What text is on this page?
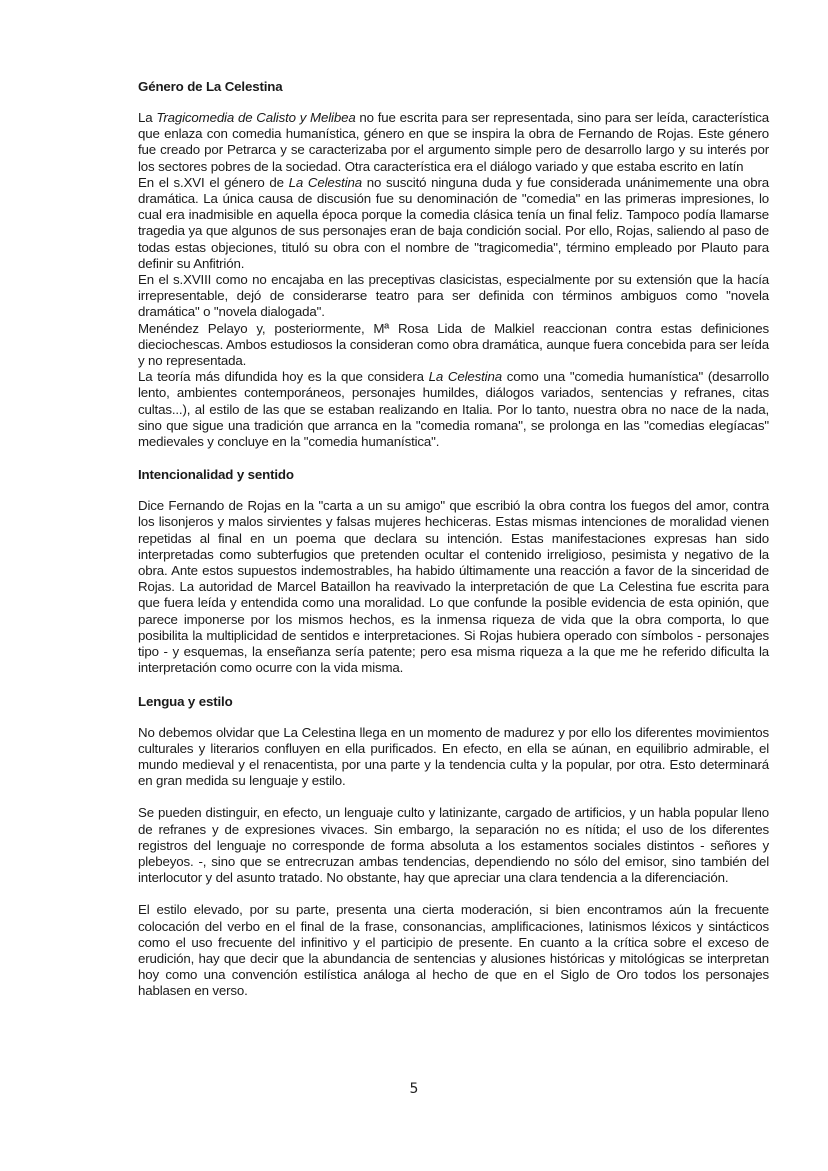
Género de La Celestina

La Tragicomedia de Calisto y Melibea no fue escrita para ser representada, sino para ser leída, característica que enlaza con comedia humanística, género en que se inspira la obra de Fernando de Rojas. Este género fue creado por Petrarca y se caracterizaba por el argumento simple pero de desarrollo largo y su interés por los sectores pobres de la sociedad. Otra característica era el diálogo variado y que estaba escrito en latín

En el s.XVI el género de La Celestina no suscitó ninguna duda y fue considerada unánimemente una obra dramática. La única causa de discusión fue su denominación de "comedia" en las primeras impresiones, lo cual era inadmisible en aquella época porque la comedia clásica tenía un final feliz. Tampoco podía llamarse tragedia ya que algunos de sus personajes eran de baja condición social. Por ello, Rojas, saliendo al paso de todas estas objeciones, tituló su obra con el nombre de "tragicomedia", término empleado por Plauto para definir su Anfitrión.

En el s.XVIII como no encajaba en las preceptivas clasicistas, especialmente por su extensión que la hacía irrepresentable, dejó de considerarse teatro para ser definida con términos ambiguos como "novela dramática" o "novela dialogada".

Menéndez Pelayo y, posteriormente, Mª Rosa Lida de Malkiel reaccionan contra estas definiciones dieciochescas. Ambos estudiosos la consideran como obra dramática, aunque fuera concebida para ser leída y no representada.

La teoría más difundida hoy es la que considera La Celestina como una "comedia humanística" (desarrollo lento, ambientes contemporáneos, personajes humildes, diálogos variados, sentencias y refranes, citas cultas...), al estilo de las que se estaban realizando en Italia. Por lo tanto, nuestra obra no nace de la nada, sino que sigue una tradición que arranca en la "comedia romana", se prolonga en las "comedias elegíacas" medievales y concluye en la "comedia humanística".

Intencionalidad y sentido

Dice Fernando de Rojas en la "carta a un su amigo" que escribió la obra contra los fuegos del amor, contra los lisonjeros y malos sirvientes y falsas mujeres hechiceras. Estas mismas intenciones de moralidad vienen repetidas al final en un poema que declara su intención. Estas manifestaciones expresas han sido interpretadas como subterfugios que pretenden ocultar el contenido irreligioso, pesimista y negativo de la obra. Ante estos supuestos indemostrables, ha habido últimamente una reacción a favor de la sinceridad de Rojas. La autoridad de Marcel Bataillon ha reavivado la interpretación de que La Celestina fue escrita para que fuera leída y entendida como una moralidad. Lo que confunde la posible evidencia de esta opinión, que parece imponerse por los mismos hechos, es la inmensa riqueza de vida que la obra comporta, lo que posibilita la multiplicidad de sentidos e interpretaciones. Si Rojas hubiera operado con símbolos - personajes tipo - y esquemas, la enseñanza sería patente; pero esa misma riqueza a la que me he referido dificulta la interpretación como ocurre con la vida misma.

Lengua y estilo

No debemos olvidar que La Celestina llega en un momento de madurez y por ello los diferentes movimientos culturales y literarios confluyen en ella purificados. En efecto, en ella se aúnan, en equilibrio admirable, el mundo medieval y el renacentista, por una parte y la tendencia culta y la popular, por otra. Esto determinará en gran medida su lenguaje y estilo.

Se pueden distinguir, en efecto, un lenguaje culto y latinizante, cargado de artificios, y un habla popular lleno de refranes y de expresiones vivaces. Sin embargo, la separación no es nítida; el uso de los diferentes registros del lenguaje no corresponde de forma absoluta a los estamentos sociales distintos - señores y plebeyos. -, sino que se entrecruzan ambas tendencias, dependiendo no sólo del emisor, sino también del interlocutor y del asunto tratado. No obstante, hay que apreciar una clara tendencia a la diferenciación.

El estilo elevado, por su parte, presenta una cierta moderación, si bien encontramos aún la frecuente colocación del verbo en el final de la frase, consonancias, amplificaciones, latinismos léxicos y sintácticos como el uso frecuente del infinitivo y el participio de presente. En cuanto a la crítica sobre el exceso de erudición, hay que decir que la abundancia de sentencias y alusiones históricas y mitológicas se interpretan hoy como una convención estilística análoga al hecho de que en el Siglo de Oro todos los personajes hablasen en verso.

5
